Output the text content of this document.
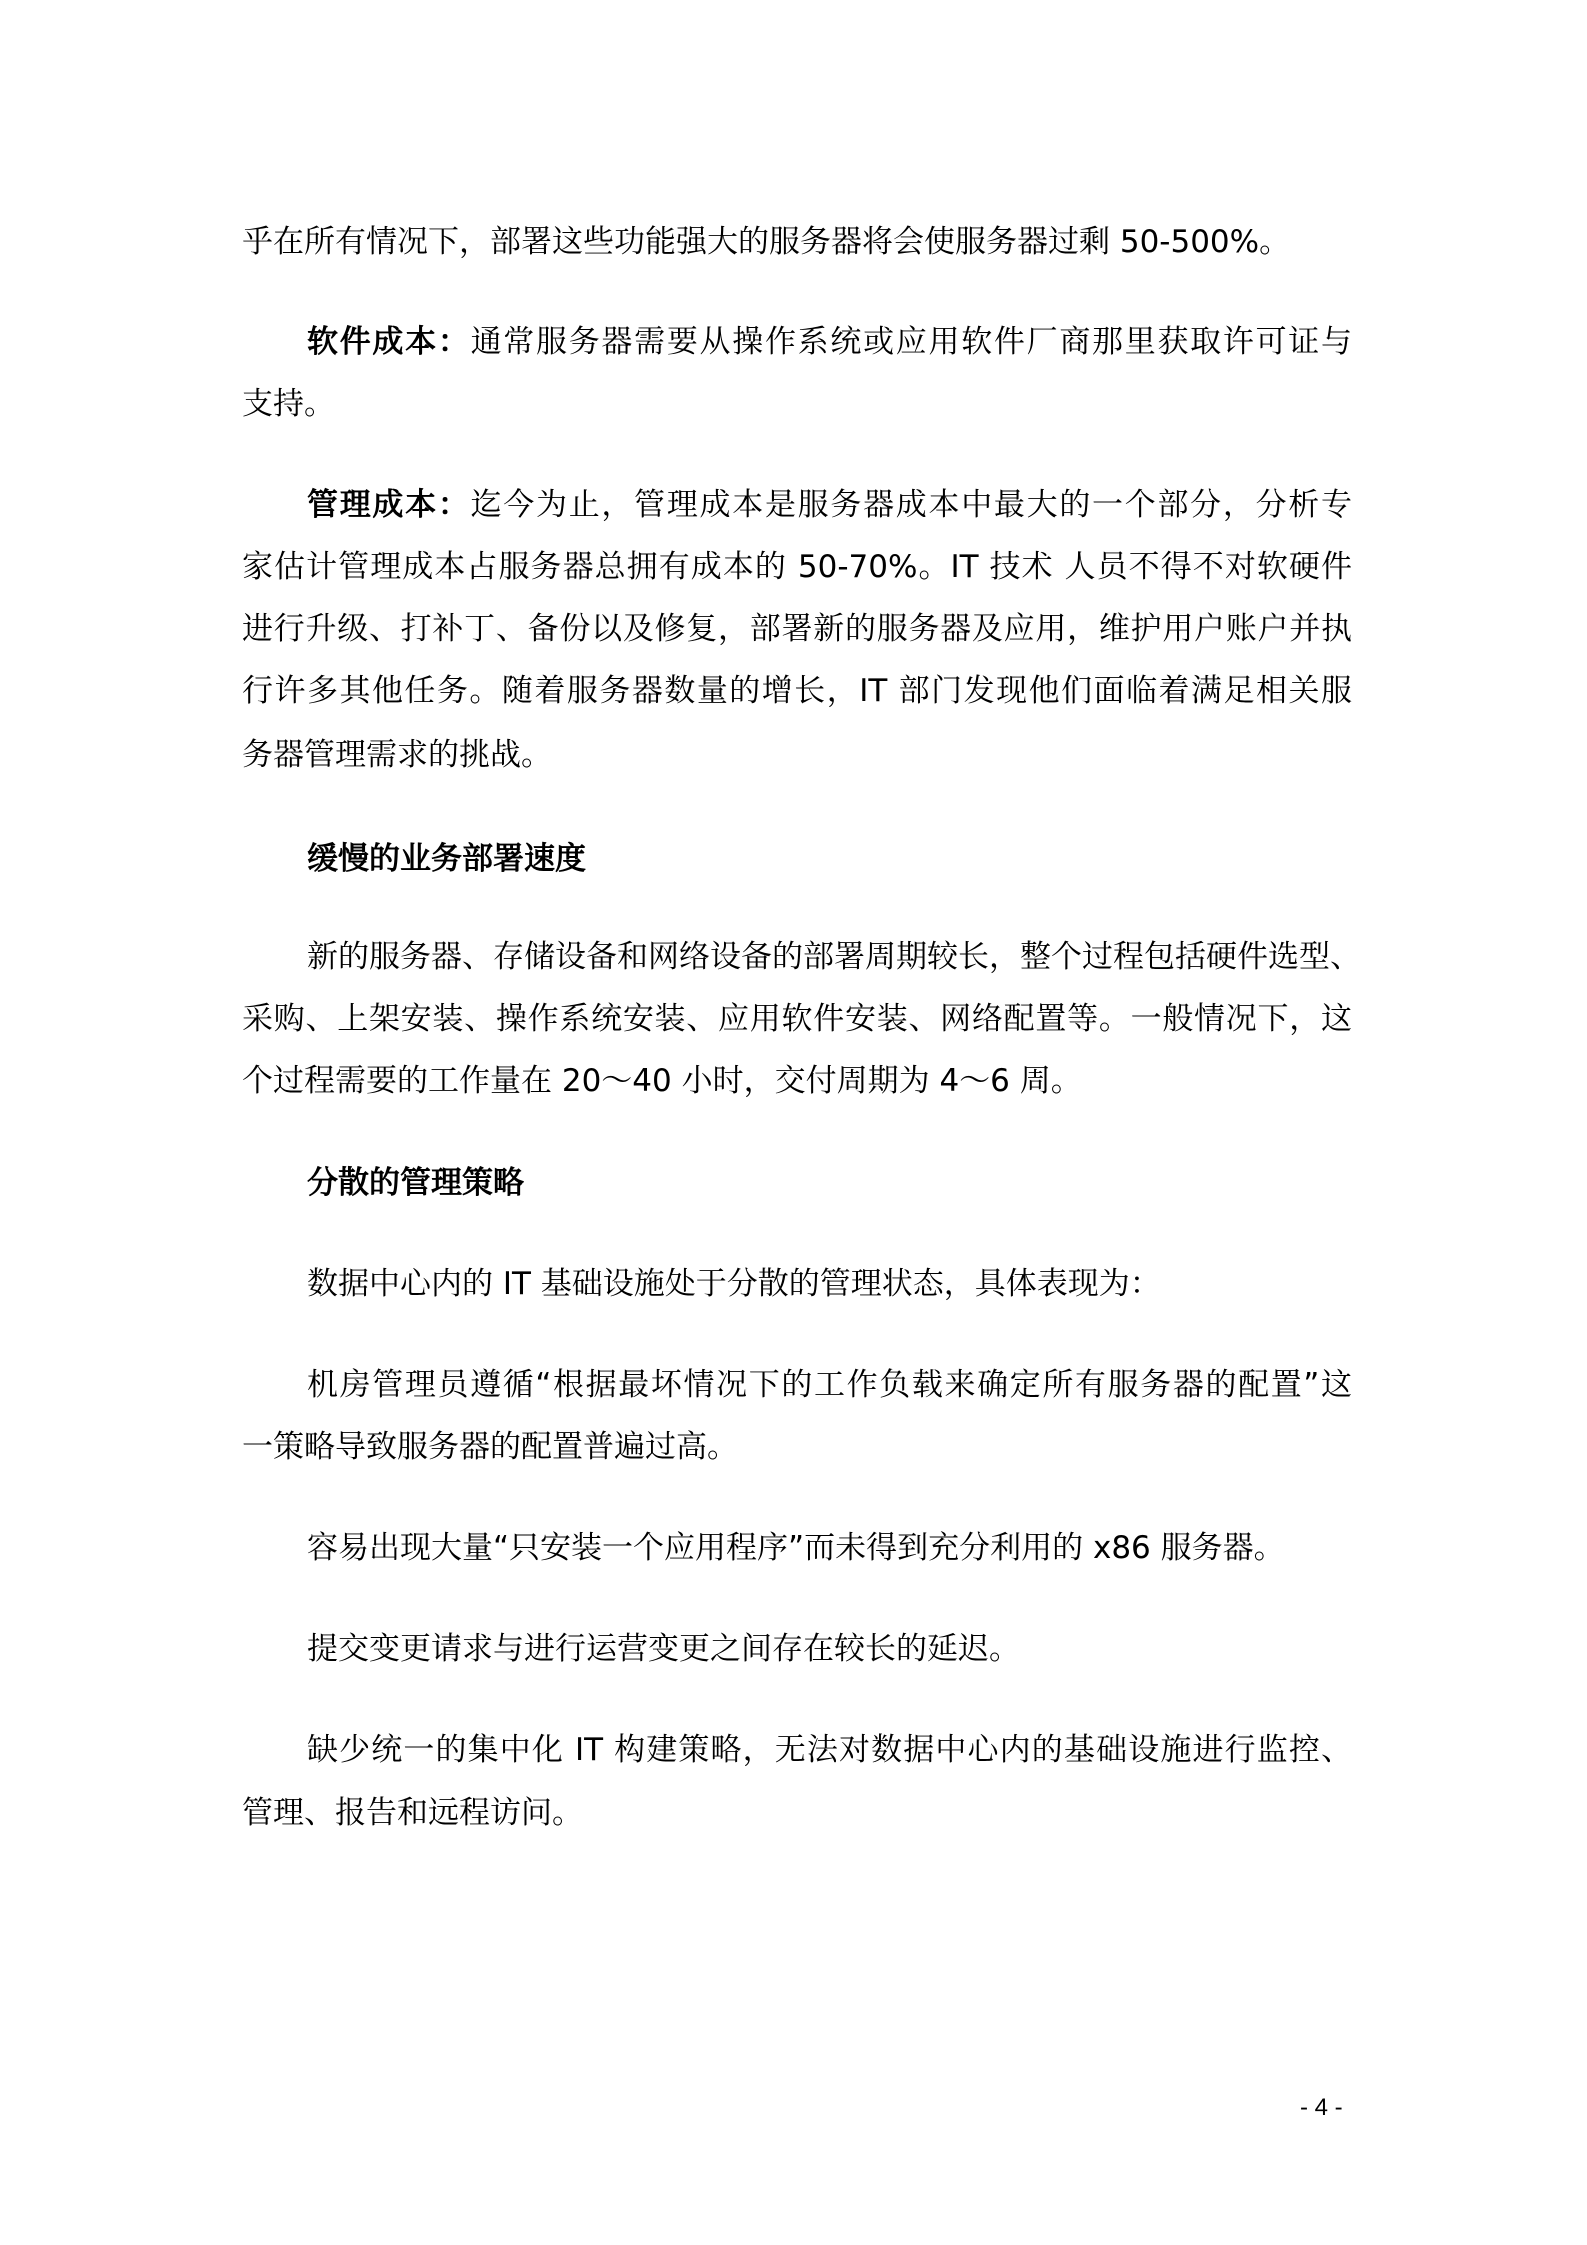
乎在所有情况下，部署这些功能强大的服务器将会使服务器过剩 50-500%。
软件成本：通常服务器需要从操作系统或应用软件厂商那里获取许可证与
支持。
管理成本：迄今为止，管理成本是服务器成本中最大的一个部分，分析专
家估计管理成本占服务器总拥有成本的 50-70%。IT 技术 人员不得不对软硬件
进行升级、打补丁、备份以及修复，部署新的服务器及应用，维护用户账户并执
行许多其他任务。随着服务器数量的增长，IT 部门发现他们面临着满足相关服
务器管理需求的挑战。
缓慢的业务部署速度
新的服务器、存储设备和网络设备的部署周期较长，整个过程包括硬件选型、
采购、上架安装、操作系统安装、应用软件安装、网络配置等。一般情况下，这
个过程需要的工作量在 20～40 小时，交付周期为 4～6 周。
分散的管理策略
数据中心内的 IT 基础设施处于分散的管理状态，具体表现为：
机房管理员遵循“根据最坏情况下的工作负载来确定所有服务器的配置”这
一策略导致服务器的配置普遍过高。
容易出现大量“只安装一个应用程序”而未得到充分利用的 x86 服务器。
提交变更请求与进行运营变更之间存在较长的延迟。
缺少统一的集中化 IT 构建策略，无法对数据中心内的基础设施进行监控、
管理、报告和远程访问。
- 4 -
